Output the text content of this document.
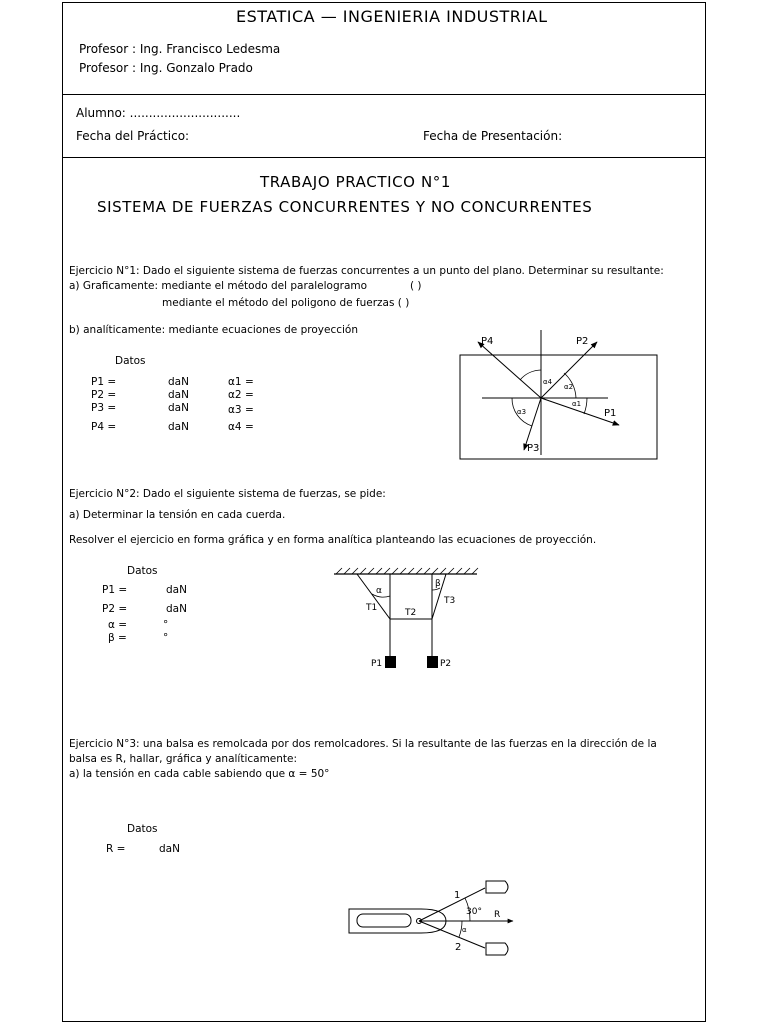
ESTATICA — INGENIERIA INDUSTRIAL
Profesor : Ing. Francisco Ledesma
Profesor : Ing. Gonzalo Prado
Alumno: .............................
Fecha del Práctico:	Fecha de Presentación:
TRABAJO PRACTICO N°1
SISTEMA DE FUERZAS CONCURRENTES Y NO CONCURRENTES
Ejercicio N°1: Dado el siguiente sistema de fuerzas concurrentes a un punto del plano. Determinar su resultante:
a) Graficamente: mediante el método del paralelogramo	( )
mediante el método del poligono de fuerzas ( )
b) analíticamente: mediante ecuaciones de proyección
Datos
P1 =	daN	α1 =
P2 =	daN	α2 =
P3 =	daN	α3 =
P4 =	daN	α4 =
P1
P2
P3
P4
α1
α2
α3
α4
Ejercicio N°2: Dado el siguiente sistema de fuerzas, se pide:
a) Determinar la tensión en cada cuerda.
Resolver el ejercicio en forma gráfica y en forma analítica planteando las ecuaciones de proyección.
Datos
P1 =	daN
P2 =	daN
α =	°
β =	°
T1	T2
T3
P1	P2
α
β
Ejercicio N°3: una balsa es remolcada por dos remolcadores. Si la resultante de las fuerzas en la dirección de la
balsa es R, hallar, gráfica y analíticamente:
a) la tensión en cada cable sabiendo que α = 50°
Datos
R =	daN
1
2
30° R
α
